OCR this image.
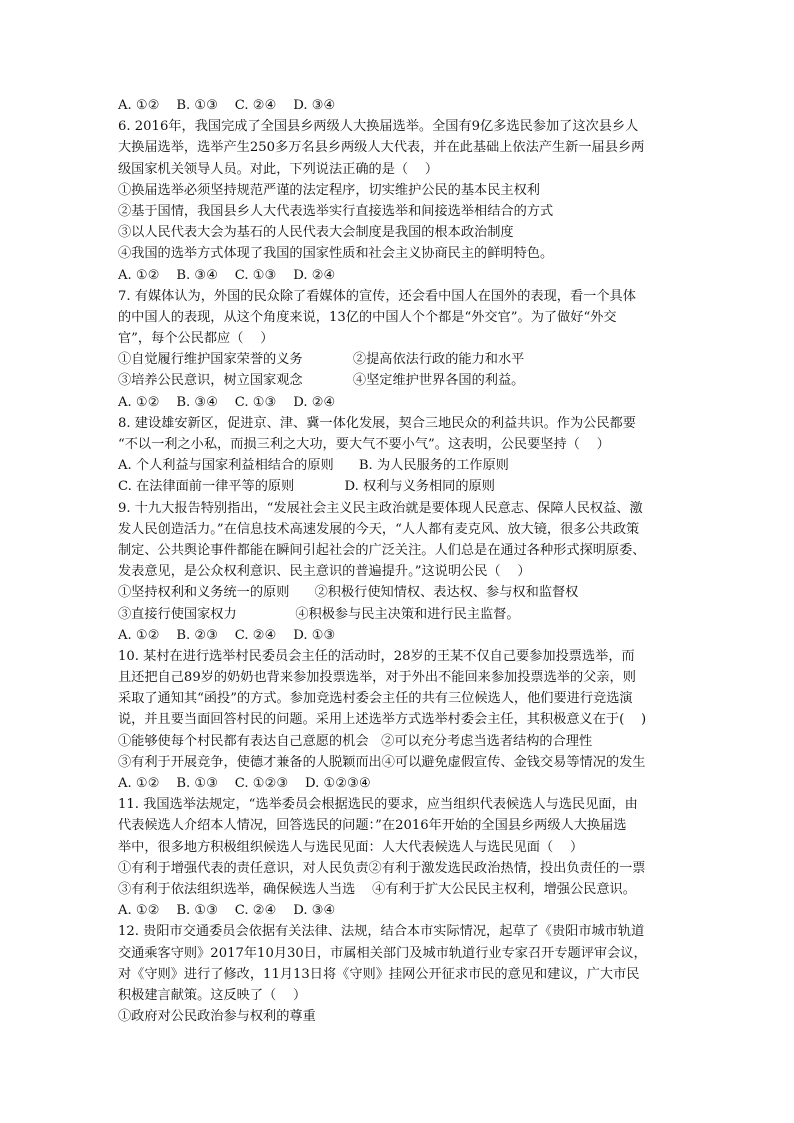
A. ①②    B. ①③    C. ②④    D. ③④
6. 2016年，我国完成了全国县乡两级人大换届选举。全国有9亿多选民参加了这次县乡人
大换届选举，选举产生250多万名县乡两级人大代表，并在此基础上依法产生新一届县乡两
级国家机关领导人员。对此，下列说法正确的是（    ）
①换届选举必须坚持规范严谨的法定程序，切实维护公民的基本民主权利
②基于国情，我国县乡人大代表选举实行直接选举和间接选举相结合的方式
③以人民代表大会为基石的人民代表大会制度是我国的根本政治制度
④我国的选举方式体现了我国的国家性质和社会主义协商民主的鲜明特色。
A. ①②    B. ③④    C. ①③    D. ②④
7. 有媒体认为，外国的民众除了看媒体的宣传，还会看中国人在国外的表现，看一个具体
的中国人的表现，从这个角度来说，13亿的中国人个个都是“外交官”。为了做好“外交
官”，每个公民都应（    ）
①自觉履行维护国家荣誉的义务            ②提高依法行政的能力和水平
③培养公民意识，树立国家观念            ④坚定维护世界各国的利益。
A. ①②    B. ③④    C. ①③    D. ②④
8. 建设雄安新区，促进京、津、冀一体化发展，契合三地民众的利益共识。作为公民都要
“不以一利之小私，而损三利之大功，要大气不要小气”。这表明，公民要坚持（    ）
A. 个人利益与国家利益相结合的原则      B. 为人民服务的工作原则
C. 在法律面前一律平等的原则            D. 权利与义务相同的原则
9. 十九大报告特别指出，“发展社会主义民主政治就是要体现人民意志、保障人民权益、激
发人民创造活力。”在信息技术高速发展的今天，“人人都有麦克风、放大镜，很多公共政策
制定、公共舆论事件都能在瞬间引起社会的广泛关注。人们总是在通过各种形式探明原委、
发表意见，是公众权利意识、民主意识的普遍提升。”这说明公民（    ）
①坚持权利和义务统一的原则      ②积极行使知情权、表达权、参与权和监督权
③直接行使国家权力              ④积极参与民主决策和进行民主监督。
A. ①②    B. ②③    C. ②④    D. ①③
10. 某村在进行选举村民委员会主任的活动时，28岁的王某不仅自己要参加投票选举，而
且还把自己89岁的奶奶也背来参加投票选举，对于外出不能回来参加投票选举的父亲，则
采取了通知其“函投”的方式。参加竞选村委会主任的共有三位候选人，他们要进行竞选演
说，并且要当面回答村民的问题。采用上述选举方式选举村委会主任，其积极意义在于(    )
①能够使每个村民都有表达自己意愿的机会   ②可以充分考虑当选者结构的合理性
③有利于开展竞争，使德才兼备的人脱颖而出④可以避免虚假宣传、金钱交易等情况的发生
A. ①②    B. ①③    C. ①②③    D. ①②③④
11. 我国选举法规定，“选举委员会根据选民的要求，应当组织代表候选人与选民见面，由
代表候选人介绍本人情况，回答选民的问题：”在2016年开始的全国县乡两级人大换届选
举中，很多地方积极组织候选人与选民见面：人大代表候选人与选民见面（    ）
①有利于增强代表的责任意识，对人民负责②有利于激发选民政治热情，投出负责任的一票
③有利于依法组织选举，确保候选人当选    ④有利于扩大公民民主权利，增强公民意识。
A. ①②    B. ①③    C. ②④    D. ③④
12. 贵阳市交通委员会依据有关法律、法规，结合本市实际情况，起草了《贵阳市城市轨道
交通乘客守则》2017年10月30日，市属相关部门及城市轨道行业专家召开专题评审会议，
对《守则》进行了修改，11月13日将《守则》挂网公开征求市民的意见和建议，广大市民
积极建言献策。这反映了（    ）
①政府对公民政治参与权利的尊重
